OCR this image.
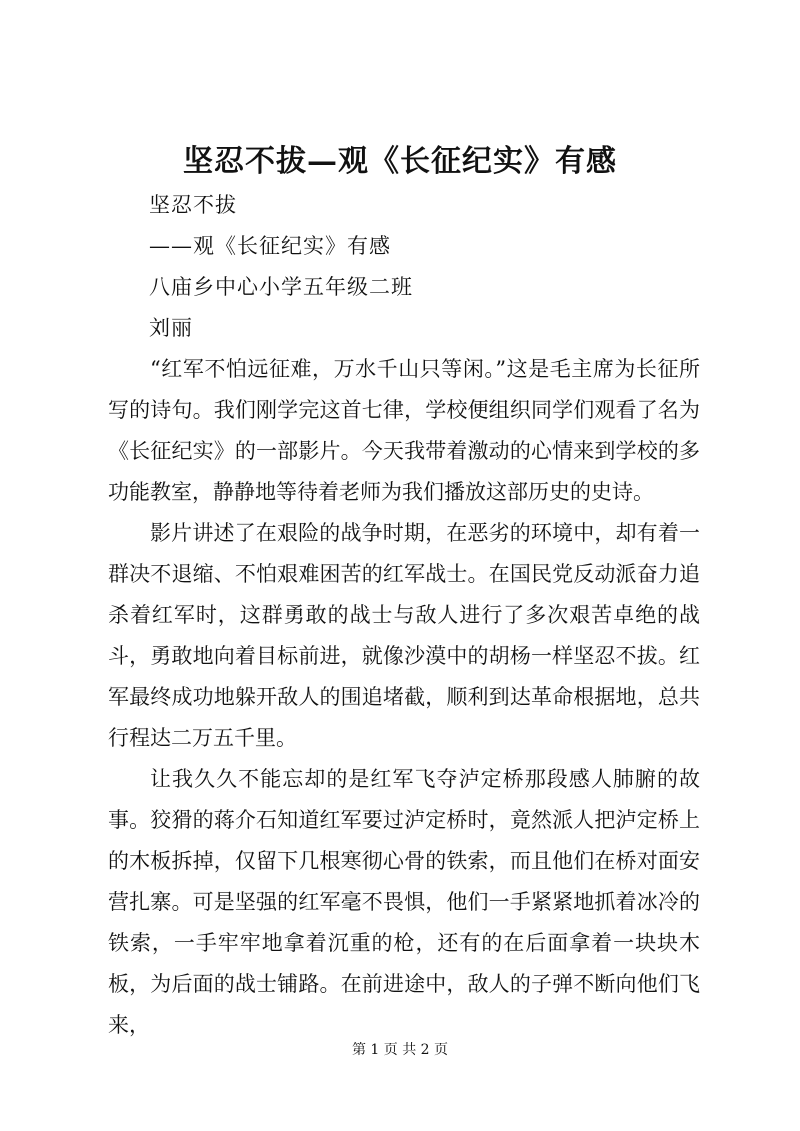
坚忍不拔—观《长征纪实》有感
坚忍不拔
——观《长征纪实》有感
八庙乡中心小学五年级二班
刘丽

“红军不怕远征难，万水千山只等闲。”这是毛主席为长征所写的诗句。我们刚学完这首七律，学校便组织同学们观看了名为《长征纪实》的一部影片。今天我带着激动的心情来到学校的多功能教室，静静地等待着老师为我们播放这部历史的史诗。

影片讲述了在艰险的战争时期，在恶劣的环境中，却有着一群决不退缩、不怕艰难困苦的红军战士。在国民党反动派奋力追杀着红军时，这群勇敢的战士与敌人进行了多次艰苦卓绝的战斗，勇敢地向着目标前进，就像沙漠中的胡杨一样坚忍不拔。红军最终成功地躲开敌人的围追堵截，顺利到达革命根据地，总共行程达二万五千里。

让我久久不能忘却的是红军飞夺泸定桥那段感人肺腑的故事。狡猾的蒋介石知道红军要过泸定桥时，竟然派人把泸定桥上的木板拆掉，仅留下几根寒彻心骨的铁索，而且他们在桥对面安营扎寨。可是坚强的红军毫不畏惧，他们一手紧紧地抓着冰冷的铁索，一手牢牢地拿着沉重的枪，还有的在后面拿着一块块木板，为后面的战士铺路。在前进途中，敌人的子弹不断向他们飞来，

第 1 页 共 2 页
